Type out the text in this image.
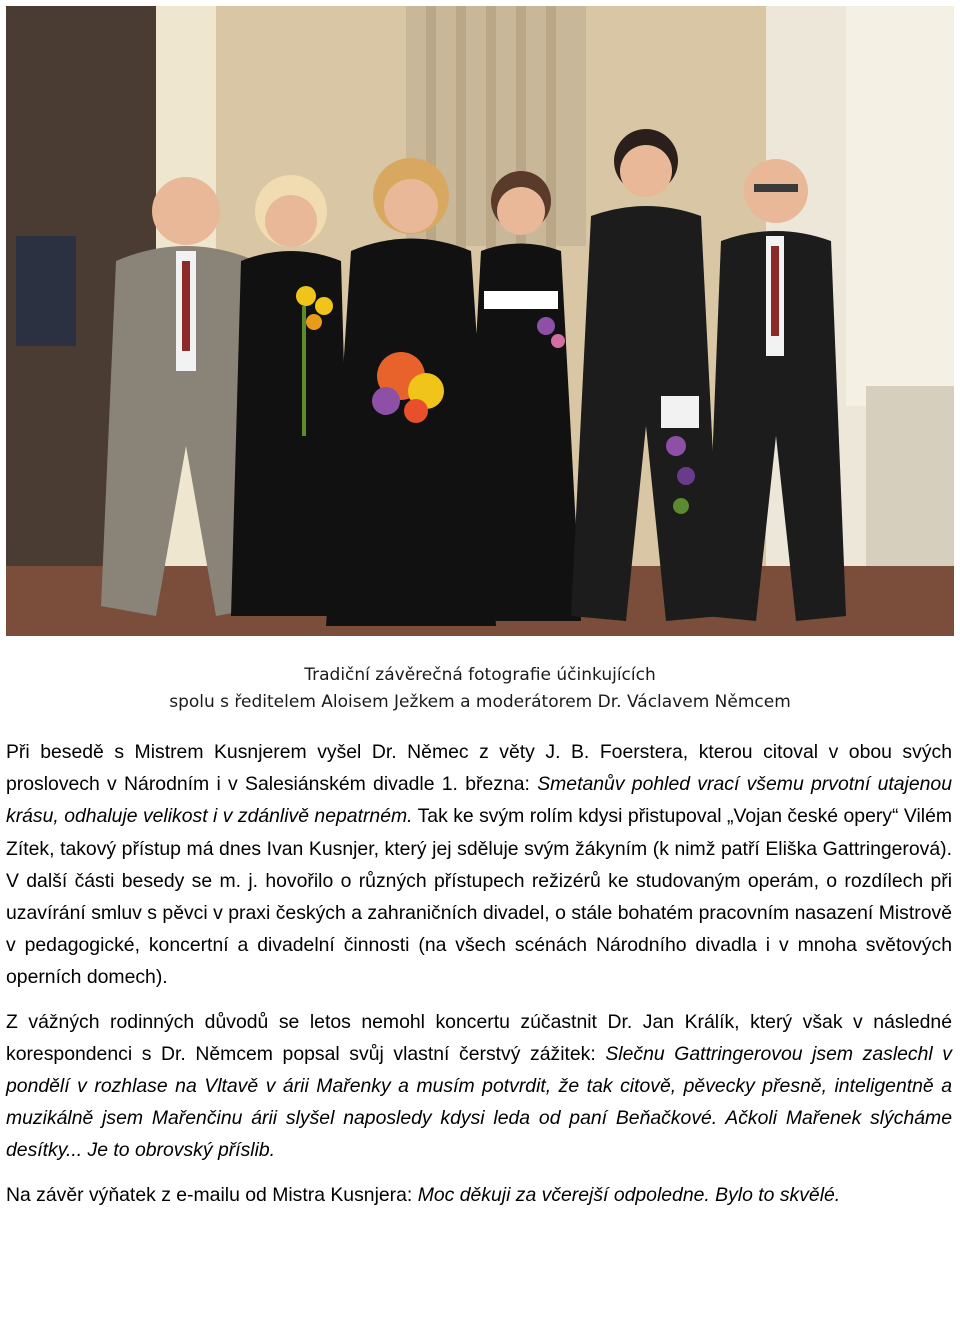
Tradiční závěrečná fotografie účinkujících
spolu s ředitelem Aloisem Ježkem a moderátorem Dr. Václavem Němcem

Při besedě s Mistrem Kusnjerem vyšel Dr. Němec z věty J. B. Foerstera, kterou citoval v obou svých proslovech v Národním i v Salesiánském divadle 1. března: Smetanův pohled vrací všemu prvotní utajenou krásu, odhaluje velikost i v zdánlivě nepatrném. Tak ke svým rolím kdysi přistupoval „Vojan české opery“ Vilém Zítek, takový přístup má dnes Ivan Kusnjer, který jej sděluje svým žákyním (k nimž patří Eliška Gattringerová). V další části besedy se m. j. hovořilo o různých přístupech režizérů ke studovaným operám, o rozdílech při uzavírání smluv s pěvci v praxi českých a zahraničních divadel, o stále bohatém pracovním nasazení Mistrově v pedagogické, koncertní a divadelní činnosti (na všech scénách Národního divadla i v mnoha světových operních domech).

Z vážných rodinných důvodů se letos nemohl koncertu zúčastnit Dr. Jan Králík, který však v následné korespondenci s Dr. Němcem popsal svůj vlastní čerstvý zážitek: Slečnu Gattringerovou jsem zaslechl v pondělí v rozhlase na Vltavě v árii Mařenky a musím potvrdit, že tak citově, pěvecky přesně, inteligentně a muzikálně jsem Mařenčinu árii slyšel naposledy kdysi leda od paní Beňačkové. Ačkoli Mařenek slýcháme desítky... Je to obrovský příslib.

Na závěr výňatek z e-mailu od Mistra Kusnjera: Moc děkuji za včerejší odpoledne. Bylo to skvělé.
